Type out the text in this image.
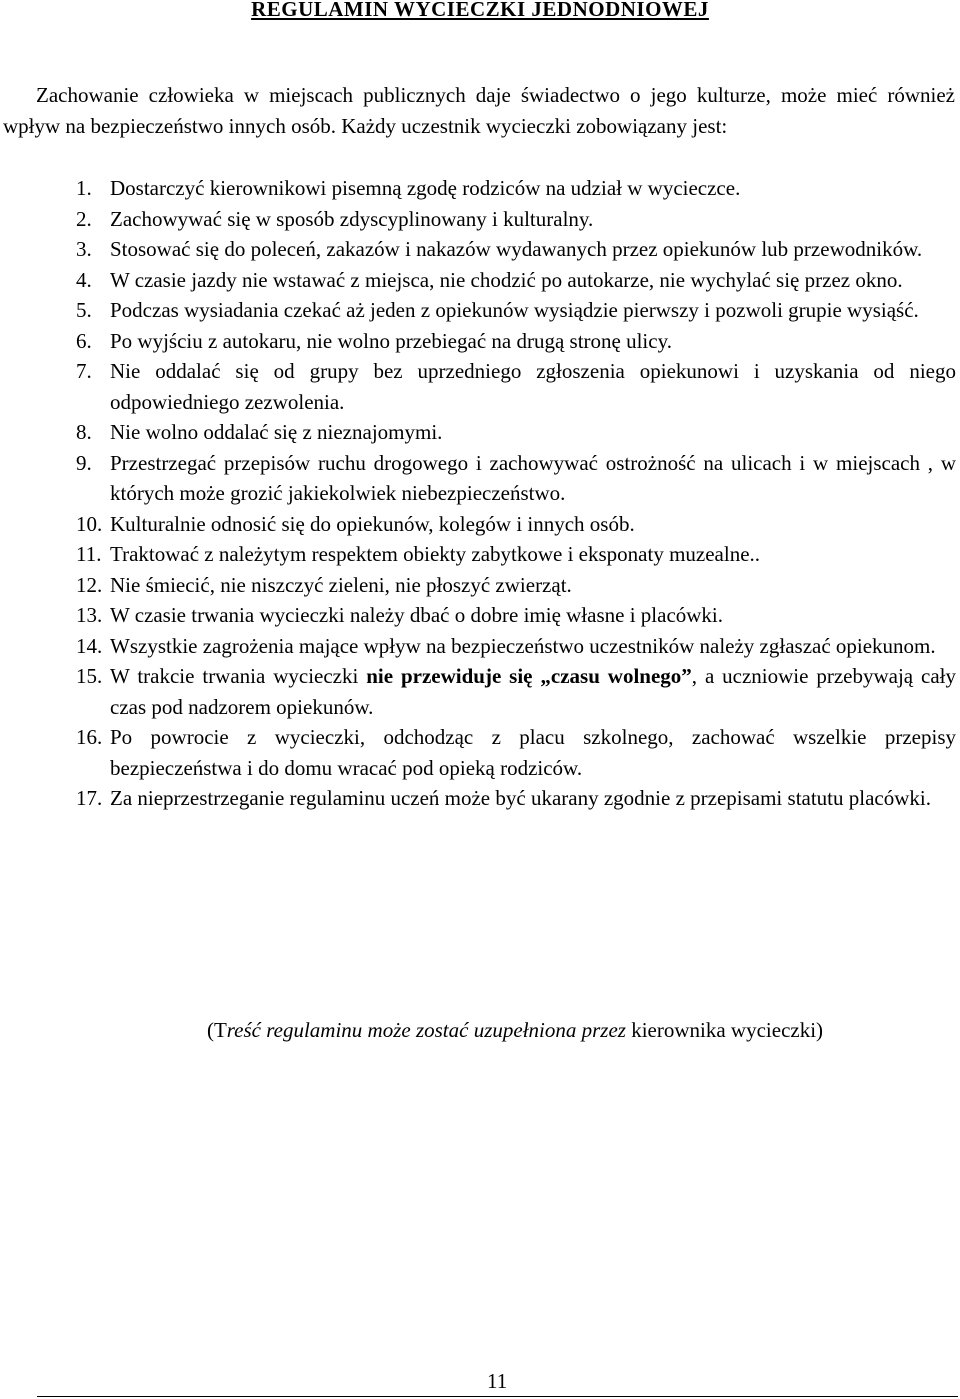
REGULAMIN WYCIECZKI JEDNODNIOWEJ

Zachowanie człowieka w miejscach publicznych daje świadectwo o jego kulturze, może mieć również wpływ na bezpieczeństwo innych osób. Każdy uczestnik wycieczki zobowiązany jest:

1. Dostarczyć kierownikowi pisemną zgodę rodziców na udział w wycieczce.
2. Zachowywać się w sposób zdyscyplinowany i kulturalny.
3. Stosować się do poleceń, zakazów i nakazów wydawanych przez opiekunów lub przewodników.
4. W czasie jazdy nie wstawać z miejsca, nie chodzić po autokarze, nie wychylać się przez okno.
5. Podczas wysiadania czekać aż jeden z opiekunów wysiądzie pierwszy i pozwoli grupie wysiąść.
6. Po wyjściu z autokaru, nie wolno przebiegać na drugą stronę ulicy.
7. Nie oddalać się od grupy bez uprzedniego zgłoszenia opiekunowi i uzyskania od niego odpowiedniego zezwolenia.
8. Nie wolno oddalać się z nieznajomymi.
9. Przestrzegać przepisów ruchu drogowego i zachowywać ostrożność na ulicach i w miejscach , w których może grozić jakiekolwiek niebezpieczeństwo.
10. Kulturalnie odnosić się do opiekunów, kolegów i innych osób.
11. Traktować z należytym respektem obiekty zabytkowe i eksponaty muzealne..
12. Nie śmiecić, nie niszczyć zieleni, nie płoszyć zwierząt.
13. W czasie trwania wycieczki należy dbać o dobre imię własne i placówki.
14. Wszystkie zagrożenia mające wpływ na bezpieczeństwo uczestników należy zgłaszać opiekunom.
15. W trakcie trwania wycieczki nie przewiduje się „czasu wolnego”, a uczniowie przebywają cały czas pod nadzorem opiekunów.
16. Po powrocie z wycieczki, odchodząc z placu szkolnego, zachować wszelkie przepisy bezpieczeństwa i do domu wracać pod opieką rodziców.
17. Za nieprzestrzeganie regulaminu uczeń może być ukarany zgodnie z przepisami statutu placówki.

(Treść regulaminu może zostać uzupełniona przez kierownika wycieczki)

11
